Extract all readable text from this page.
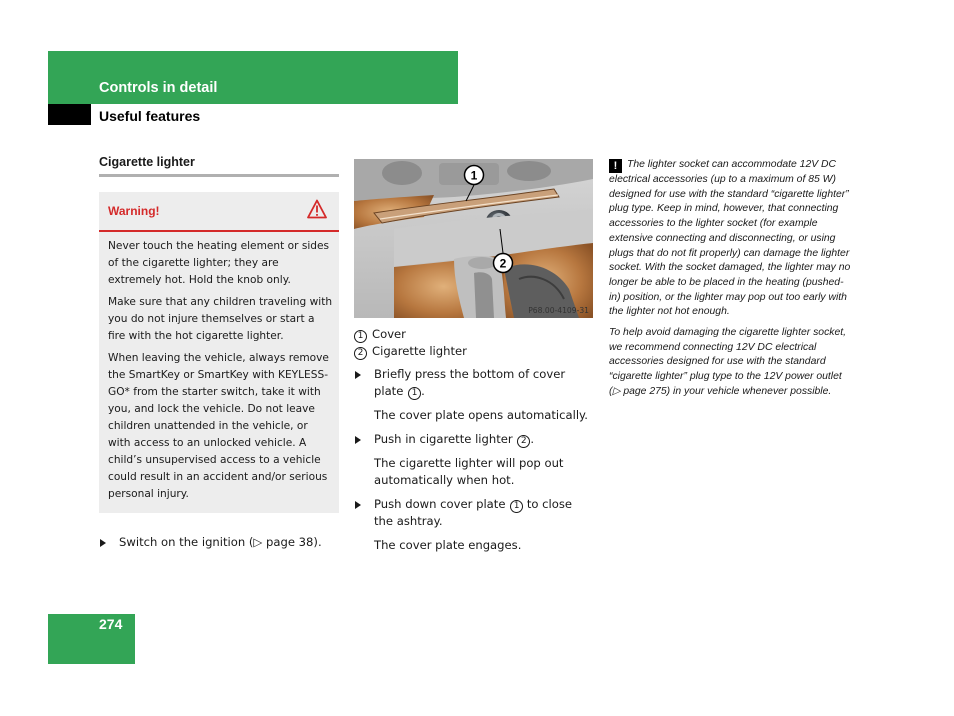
Controls in detail
Useful features
Cigarette lighter
Warning!

Never touch the heating element or sides of the cigarette lighter; they are extremely hot. Hold the knob only.

Make sure that any children traveling with you do not injure themselves or start a fire with the hot cigarette lighter.

When leaving the vehicle, always remove the SmartKey or SmartKey with KEYLESS-GO* from the starter switch, take it with you, and lock the vehicle. Do not leave children unattended in the vehicle, or with access to an unlocked vehicle. A child’s unsupervised access to a vehicle could result in an accident and/or serious personal injury.

Switch on the ignition (▷ page 38).
1
2
P68.00-4109-31
1 Cover
2 Cigarette lighter
Briefly press the bottom of cover plate 1 .
The cover plate opens automatically.
Push in cigarette lighter 2 .
The cigarette lighter will pop out automatically when hot.
Push down cover plate 1 to close the ashtray.
The cover plate engages.

! The lighter socket can accommodate 12V DC electrical accessories (up to a maximum of 85 W) designed for use with the standard “cigarette lighter” plug type. Keep in mind, however, that connecting accessories to the lighter socket (for example extensive connecting and disconnecting, or using plugs that do not fit properly) can damage the lighter socket. With the socket damaged, the lighter may no longer be able to be placed in the heating (pushed-in) position, or the lighter may pop out too early with the lighter not hot enough.

To help avoid damaging the cigarette lighter socket, we recommend connecting 12V DC electrical accessories designed for use with the standard “cigarette lighter” plug type to the 12V power outlet (▷ page 275) in your vehicle whenever possible.

274
